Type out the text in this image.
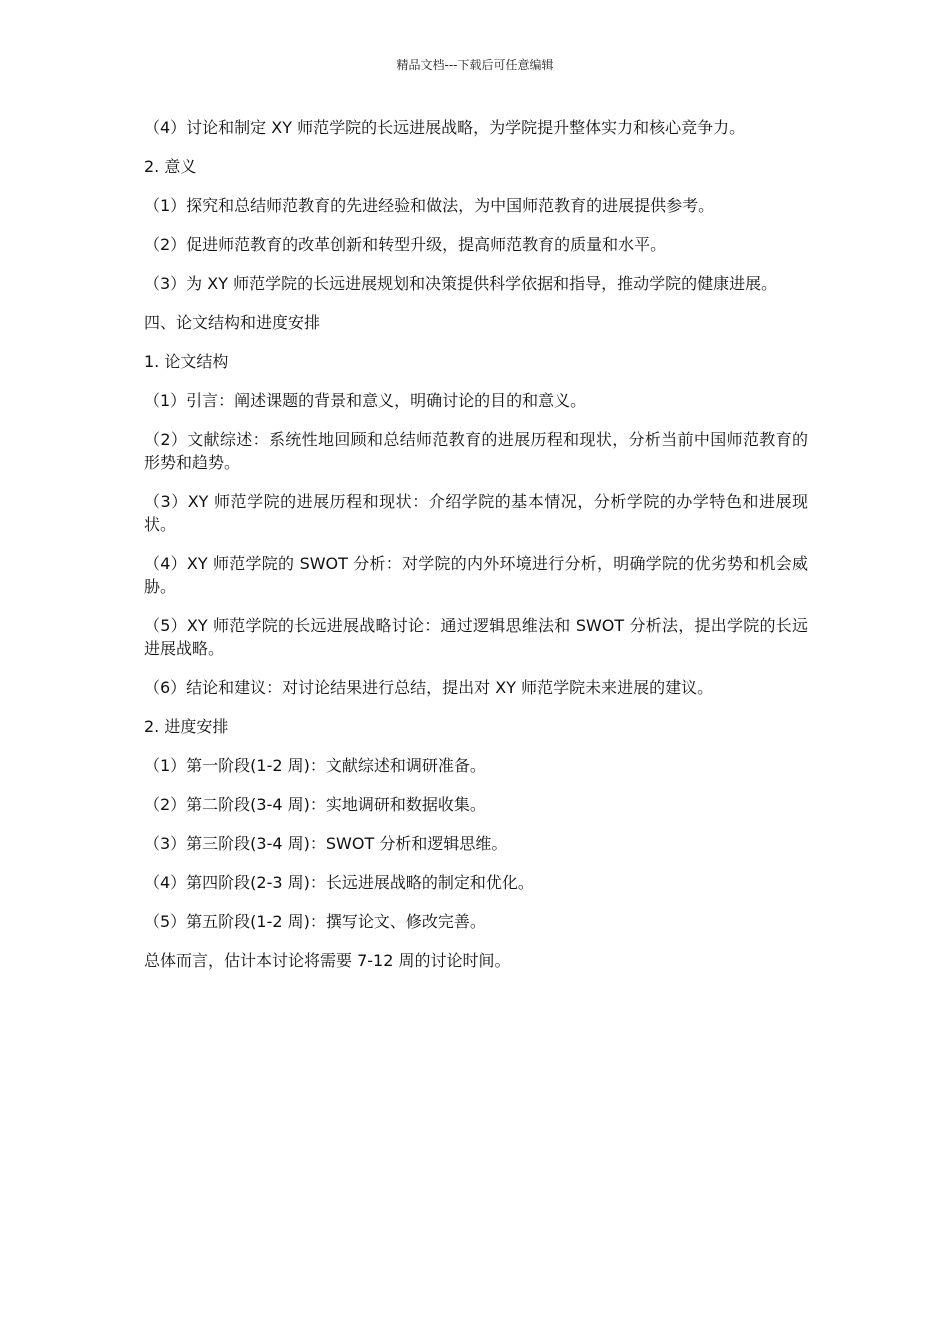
精品文档---下载后可任意编辑

（4）讨论和制定 XY 师范学院的长远进展战略，为学院提升整体实力和核心竞争力。

2. 意义

（1）探究和总结师范教育的先进经验和做法，为中国师范教育的进展提供参考。

（2）促进师范教育的改革创新和转型升级，提高师范教育的质量和水平。

（3）为 XY 师范学院的长远进展规划和决策提供科学依据和指导，推动学院的健康进展。

四、论文结构和进度安排

1. 论文结构

（1）引言：阐述课题的背景和意义，明确讨论的目的和意义。

（2）文献综述：系统性地回顾和总结师范教育的进展历程和现状，分析当前中国师范教育的形势和趋势。

（3）XY 师范学院的进展历程和现状：介绍学院的基本情况，分析学院的办学特色和进展现状。

（4）XY 师范学院的 SWOT 分析：对学院的内外环境进行分析，明确学院的优劣势和机会威胁。

（5）XY 师范学院的长远进展战略讨论：通过逻辑思维法和 SWOT 分析法，提出学院的长远进展战略。

（6）结论和建议：对讨论结果进行总结，提出对 XY 师范学院未来进展的建议。

2. 进度安排

（1）第一阶段(1-2 周)：文献综述和调研准备。

（2）第二阶段(3-4 周)：实地调研和数据收集。

（3）第三阶段(3-4 周)：SWOT 分析和逻辑思维。

（4）第四阶段(2-3 周)：长远进展战略的制定和优化。

（5）第五阶段(1-2 周)：撰写论文、修改完善。

总体而言，估计本讨论将需要 7-12 周的讨论时间。
